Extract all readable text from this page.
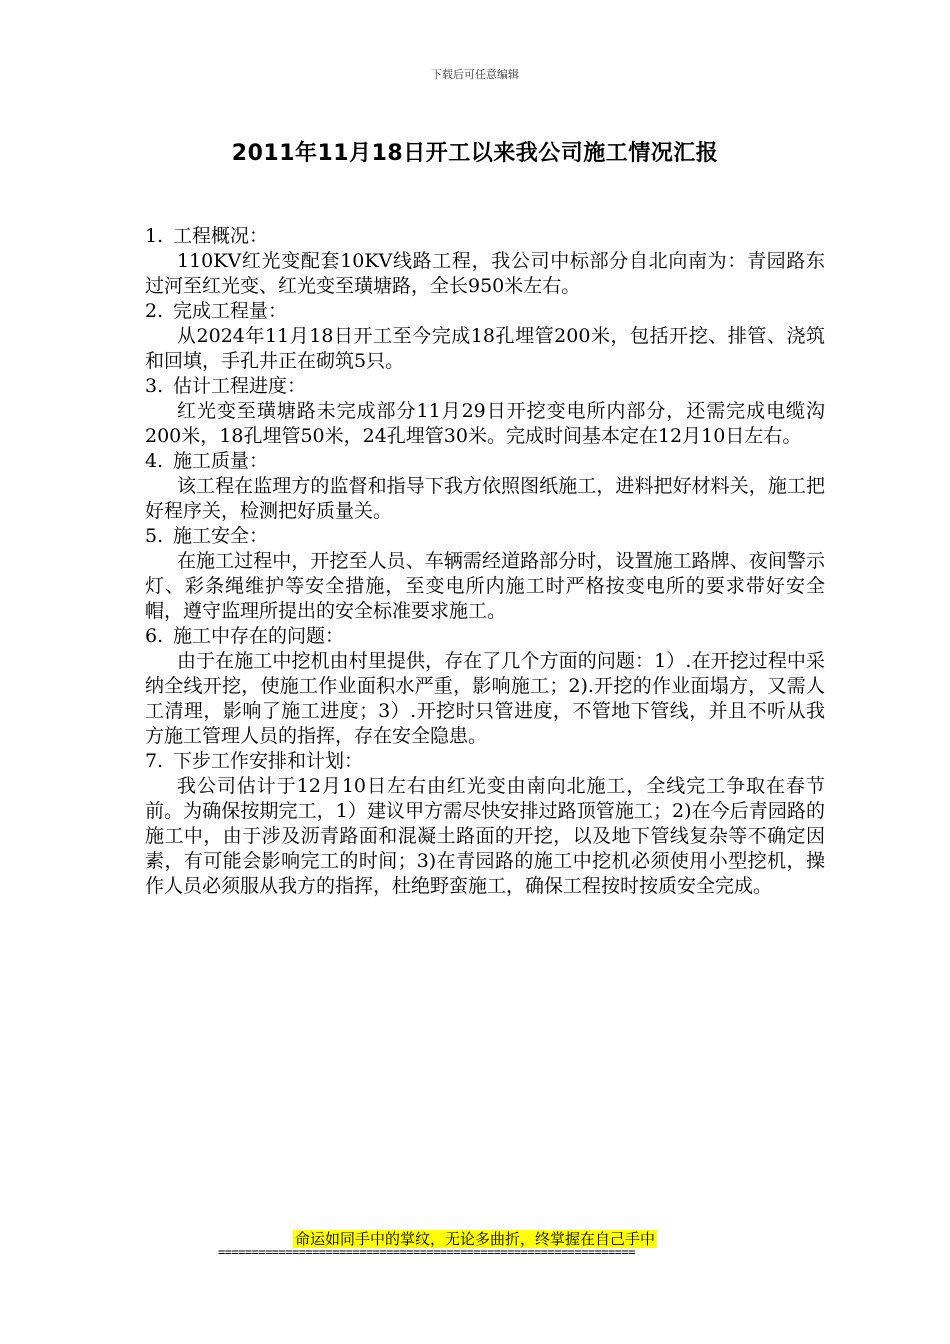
下载后可任意编辑
2011年11月18日开工以来我公司施工情况汇报

1. 工程概况：

110KV红光变配套10KV线路工程，我公司中标部分自北向南为：青园路东过河至红光变、红光变至璜塘路，全长950米左右。

2. 完成工程量：

从2024年11月18日开工至今完成18孔埋管200米，包括开挖、排管、浇筑和回填，手孔井正在砌筑5只。

3. 估计工程进度：

红光变至璜塘路未完成部分11月29日开挖变电所内部分，还需完成电缆沟200米，18孔埋管50米，24孔埋管30米。完成时间基本定在12月10日左右。

4. 施工质量：

该工程在监理方的监督和指导下我方依照图纸施工，进料把好材料关，施工把好程序关，检测把好质量关。

5. 施工安全：

在施工过程中，开挖至人员、车辆需经道路部分时，设置施工路牌、夜间警示灯、彩条绳维护等安全措施，至变电所内施工时严格按变电所的要求带好安全帽，遵守监理所提出的安全标准要求施工。

6. 施工中存在的问题：

由于在施工中挖机由村里提供，存在了几个方面的问题：1）.在开挖过程中采纳全线开挖，使施工作业面积水严重，影响施工；2).开挖的作业面塌方，又需人工清理，影响了施工进度；3）.开挖时只管进度，不管地下管线，并且不听从我方施工管理人员的指挥，存在安全隐患。

7. 下步工作安排和计划：

我公司估计于12月10日左右由红光变由南向北施工，全线完工争取在春节前。为确保按期完工，1）建议甲方需尽快安排过路顶管施工；2)在今后青园路的施工中，由于涉及沥青路面和混凝土路面的开挖，以及地下管线复杂等不确定因素，有可能会影响完工的时间；3)在青园路的施工中挖机必须使用小型挖机，操作人员必须服从我方的指挥，杜绝野蛮施工，确保工程按时按质安全完成。

命运如同手中的掌纹，无论多曲折，终掌握在自己手中
==============================================================
